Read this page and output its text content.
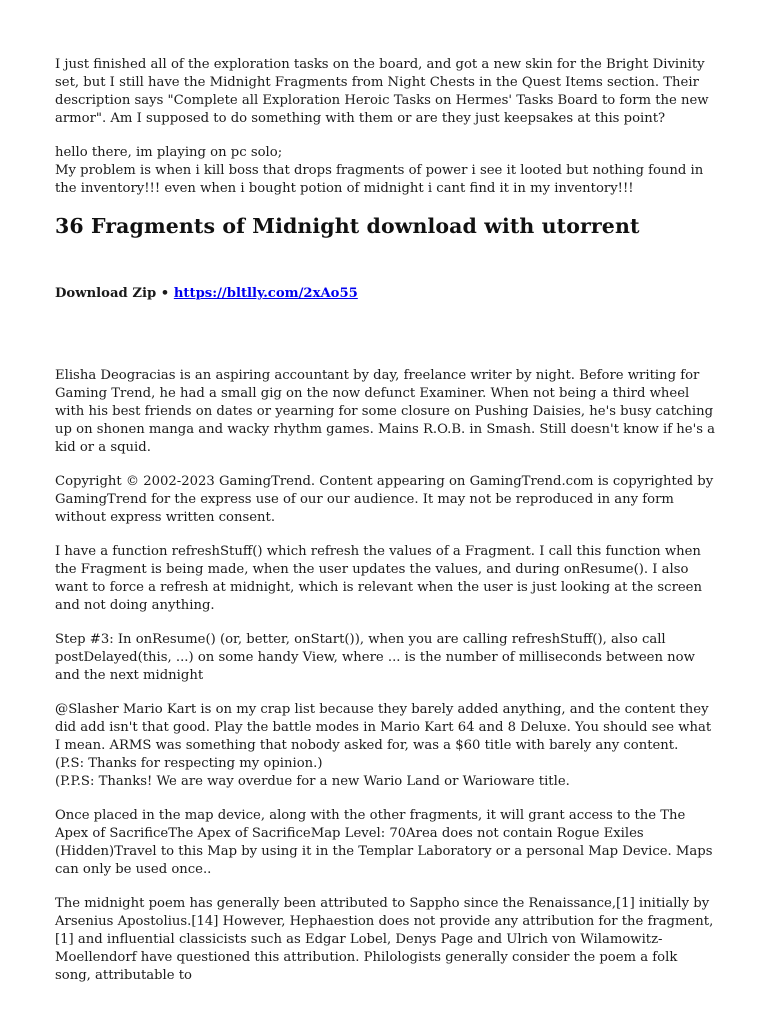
I just finished all of the exploration tasks on the board, and got a new skin for the Bright Divinity set, but I still have the Midnight Fragments from Night Chests in the Quest Items section. Their description says "Complete all Exploration Heroic Tasks on Hermes' Tasks Board to form the new armor". Am I supposed to do something with them or are they just keepsakes at this point?

hello there, im playing on pc solo;

My problem is when i kill boss that drops fragments of power i see it looted but nothing found in the inventory!!! even when i bought potion of midnight i cant find it in my inventory!!!

36 Fragments of Midnight download with utorrent
Download Zip • https://bltlly.com/2xAo55

Elisha Deogracias is an aspiring accountant by day, freelance writer by night. Before writing for Gaming Trend, he had a small gig on the now defunct Examiner. When not being a third wheel with his best friends on dates or yearning for some closure on Pushing Daisies, he's busy catching up on shonen manga and wacky rhythm games. Mains R.O.B. in Smash. Still doesn't know if he's a kid or a squid.

Copyright © 2002-2023 GamingTrend. Content appearing on GamingTrend.com is copyrighted by GamingTrend for the express use of our our audience. It may not be reproduced in any form without express written consent.

I have a function refreshStuff() which refresh the values of a Fragment. I call this function when the Fragment is being made, when the user updates the values, and during onResume(). I also want to force a refresh at midnight, which is relevant when the user is just looking at the screen and not doing anything.

Step #3: In onResume() (or, better, onStart()), when you are calling refreshStuff(), also call postDelayed(this, ...) on some handy View, where ... is the number of milliseconds between now and the next midnight

@Slasher Mario Kart is on my crap list because they barely added anything, and the content they did add isn't that good. Play the battle modes in Mario Kart 64 and 8 Deluxe. You should see what I mean. ARMS was something that nobody asked for, was a $60 title with barely any content.

(P.S: Thanks for respecting my opinion.)

(P.P.S: Thanks! We are way overdue for a new Wario Land or Warioware title.

Once placed in the map device, along with the other fragments, it will grant access to the The Apex of SacrificeThe Apex of SacrificeMap Level: 70Area does not contain Rogue Exiles (Hidden)Travel to this Map by using it in the Templar Laboratory or a personal Map Device. Maps can only be used once..

The midnight poem has generally been attributed to Sappho since the Renaissance,[1] initially by Arsenius Apostolius.[14] However, Hephaestion does not provide any attribution for the fragment,[1] and influential classicists such as Edgar Lobel, Denys Page and Ulrich von Wilamowitz-Moellendorf have questioned this attribution. Philologists generally consider the poem a folk song, attributable to
